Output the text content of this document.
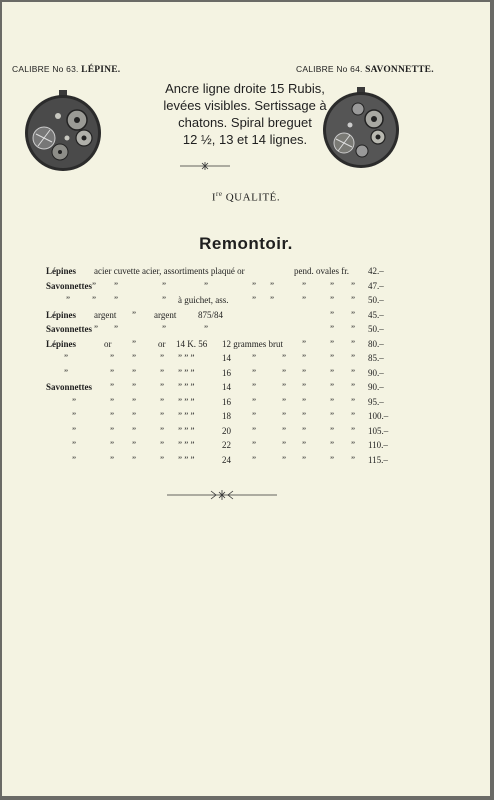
CALIBRE No 63. LÉPINE.	CALIBRE No 64. SAVONNETTE.
Ancre ligne droite 15 Rubis,
levées visibles. Sertissage à
chatons. Spiral breguet
12 ½, 13 et 14 lignes.
Ire QUALITÉ.
Remontoir.
Lépines acier cuvette acier, assortiments plaqué or	pend. ovales fr. 42.–
Savonnettes ” ”	”	”	” ”	”	” ” 47.–
” ” ”	” à guichet, ass.	” ”	”	” ” 50.–
Lépines argent ” argent 875/84	” ” 45.–
Savonnettes ” ”	”	”	” ” 50.–
Lépines	or ” or 14 K. 56 12 grammes brut ”	” ” 80.–
”	” ”	” ” ” ”	14 ”	” ”	” ” 85.–
”	” ”	” ” ” ”	16 ”	” ”	” ” 90.–
Savonnettes ” ”	” ” ” ”	14 ”	” ”	” ” 90.–
”	” ”	” ” ” ”	16 ”	” ”	” ” 95.–
”	” ”	” ” ” ”	18 ”	” ”	” ” 100.–
”	” ”	” ” ” ”	20 ”	” ”	” ” 105.–
”	” ”	” ” ” ”	22 ”	” ”	” ” 110.–
”	” ”	” ” ” ”	24 ”	” ”	” ” 115.–
